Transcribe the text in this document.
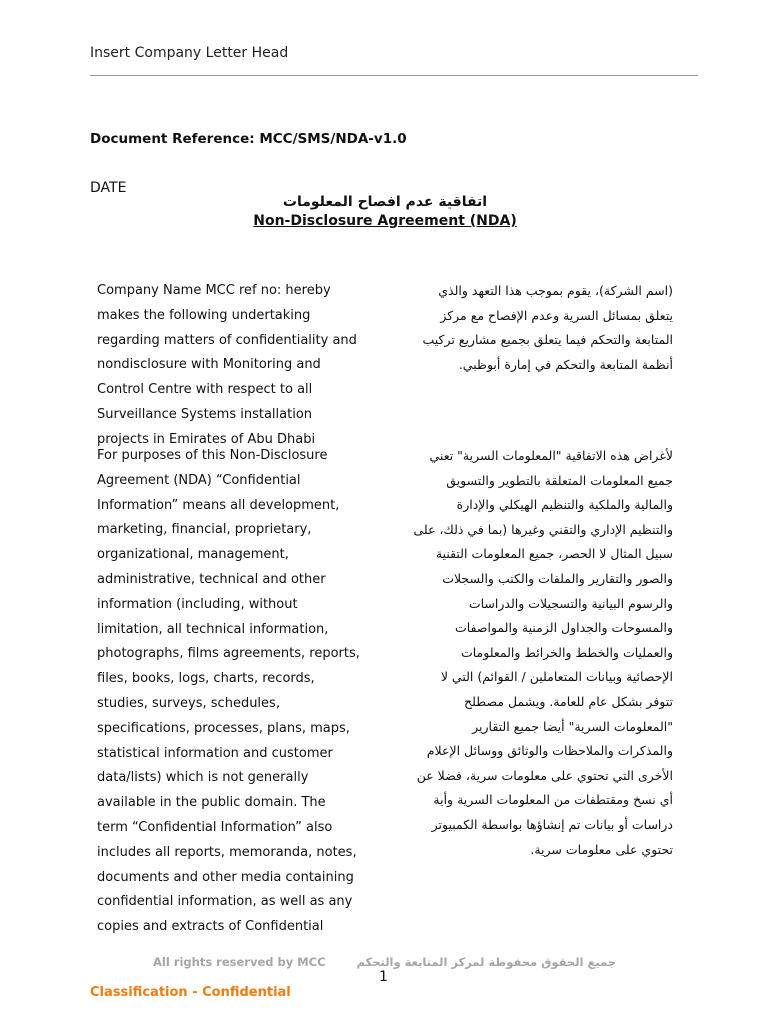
Insert Company Letter Head
Document Reference: MCC/SMS/NDA-v1.0
DATE
اتفاقية عدم افصاح المعلومات
Non-Disclosure Agreement (NDA)
Company Name MCC ref no: hereby
makes the following undertaking
regarding matters of confidentiality and
nondisclosure with Monitoring and
Control Centre with respect to all
Surveillance Systems installation
projects in Emirates of Abu Dhabi
For purposes of this Non-Disclosure
Agreement (NDA) “Confidential
Information” means all development,
marketing, financial, proprietary,
organizational, management,
administrative, technical and other
information (including, without
limitation, all technical information,
photographs, films agreements, reports,
files, books, logs, charts, records,
studies, surveys, schedules,
specifications, processes, plans, maps,
statistical information and customer
data/lists) which is not generally
available in the public domain. The
term “Confidential Information” also
includes all reports, memoranda, notes,
documents and other media containing
confidential information, as well as any
copies and extracts of Confidential
(اسم الشركة)، يقوم بموجب هذا التعهد والذي
يتعلق بمسائل السرية وعدم الإفصاح مع مركز
المتابعة والتحكم فيما يتعلق بجميع مشاريع تركيب
أنظمة المتابعة والتحكم في إمارة أبوظبي.
لأغراض هذه الاتفاقية "المعلومات السرية" تعني
جميع المعلومات المتعلقة بالتطوير والتسويق
والمالية والملكية والتنظيم الهيكلي والإدارة
والتنظيم الإداري والتقني وغيرها (بما في ذلك، على
سبيل المثال لا الحصر، جميع المعلومات التقنية
والصور والتقارير والملفات والكتب والسجلات
والرسوم البيانية والتسجيلات والدراسات
والمسوحات والجداول الزمنية والمواصفات
والعمليات والخطط والخرائط والمعلومات
الإحصائية وبيانات المتعاملين / القوائم) التي لا
تتوفر بشكل عام للعامة. ويشمل مصطلح
"المعلومات السرية" أيضا جميع التقارير
والمذكرات والملاحظات والوثائق ووسائل الإعلام
الأخرى التي تحتوي على معلومات سرية، فضلا عن
أي نسخ ومقتطفات من المعلومات السرية وأية
دراسات أو بيانات تم إنشاؤها بواسطة الكمبيوتر
تحتوي على معلومات سرية.
All rights reserved by MCC	جميع الحقوق محفوظة لمركز المتابعة والتحكم
1
Classification - Confidential
